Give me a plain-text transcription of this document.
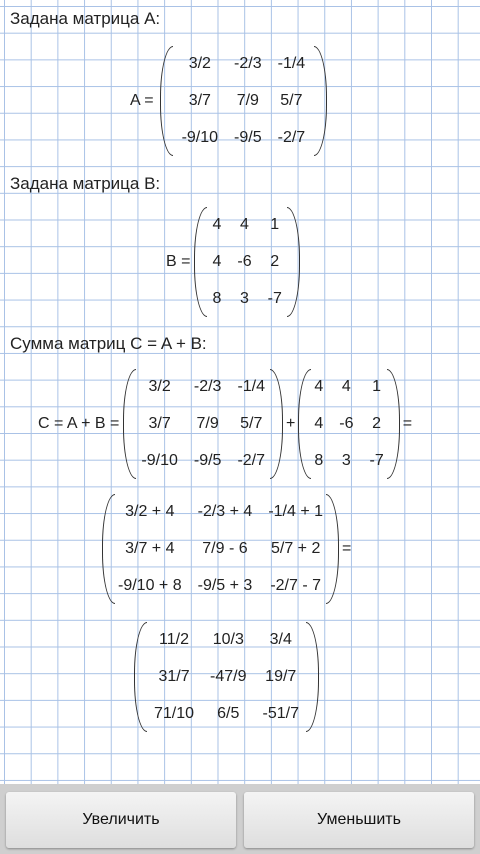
Задана матрица A:
A =
3/2	-2/3	-1/4
3/7	7/9	5/7
-9/10	-9/5	-2/7
Задана матрица B:
B =
4	4	1
4	-6	2
8	3	-7
Сумма матриц C = A + B:
C = A + B =
3/2	-2/3	-1/4
3/7	7/9	5/7
-9/10	-9/5	-2/7
+
4	4	1
4	-6	2
8	3	-7
=
3/2 + 4	-2/3 + 4	-1/4 + 1
3/7 + 4	7/9 - 6	5/7 + 2
-9/10 + 8	-9/5 + 3	-2/7 - 7
=
11/2	10/3	3/4
31/7	-47/9	19/7
71/10	6/5	-51/7
Увеличить	Уменьшить
